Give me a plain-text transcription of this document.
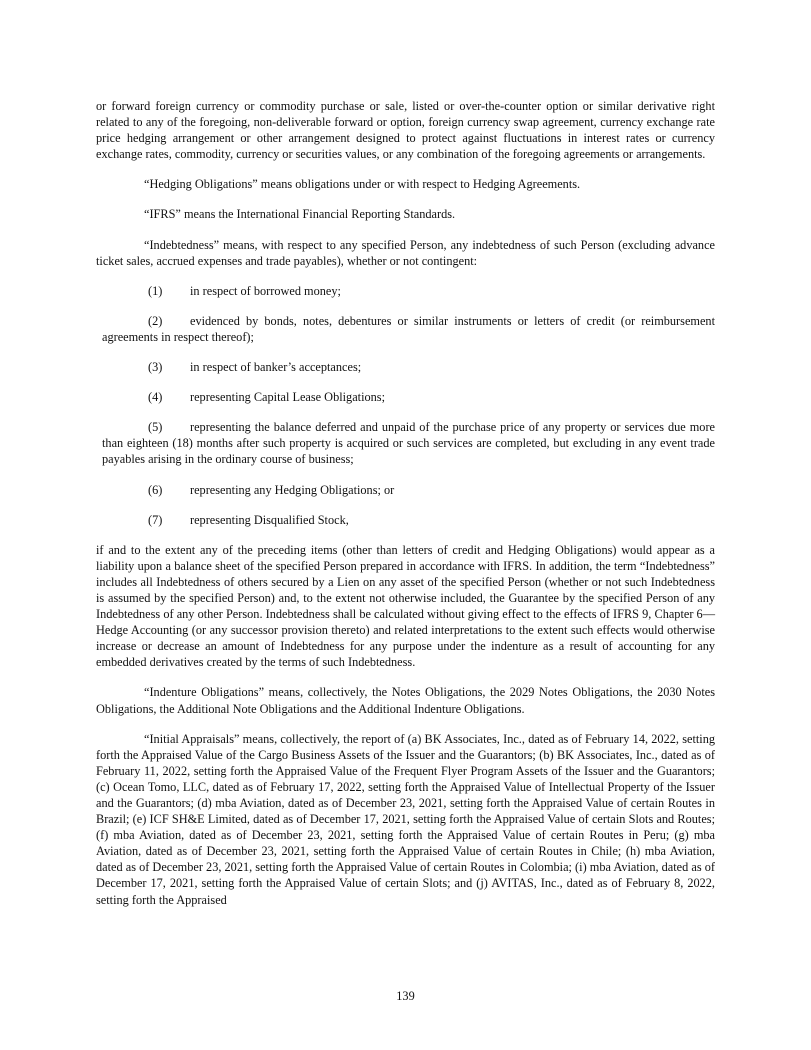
or forward foreign currency or commodity purchase or sale, listed or over-the-counter option or similar derivative right related to any of the foregoing, non-deliverable forward or option, foreign currency swap agreement, currency exchange rate price hedging arrangement or other arrangement designed to protect against fluctuations in interest rates or currency exchange rates, commodity, currency or securities values, or any combination of the foregoing agreements or arrangements.

“Hedging Obligations” means obligations under or with respect to Hedging Agreements.

“IFRS” means the International Financial Reporting Standards.

“Indebtedness” means, with respect to any specified Person, any indebtedness of such Person (excluding advance ticket sales, accrued expenses and trade payables), whether or not contingent:

(1) in respect of borrowed money;
(2) evidenced by bonds, notes, debentures or similar instruments or letters of credit (or reimbursement agreements in respect thereof);
(3) in respect of banker’s acceptances;
(4) representing Capital Lease Obligations;
(5) representing the balance deferred and unpaid of the purchase price of any property or services due more than eighteen (18) months after such property is acquired or such services are completed, but excluding in any event trade payables arising in the ordinary course of business;
(6) representing any Hedging Obligations; or
(7) representing Disqualified Stock,

if and to the extent any of the preceding items (other than letters of credit and Hedging Obligations) would appear as a liability upon a balance sheet of the specified Person prepared in accordance with IFRS. In addition, the term “Indebtedness” includes all Indebtedness of others secured by a Lien on any asset of the specified Person (whether or not such Indebtedness is assumed by the specified Person) and, to the extent not otherwise included, the Guarantee by the specified Person of any Indebtedness of any other Person. Indebtedness shall be calculated without giving effect to the effects of IFRS 9, Chapter 6—Hedge Accounting (or any successor provision thereto) and related interpretations to the extent such effects would otherwise increase or decrease an amount of Indebtedness for any purpose under the indenture as a result of accounting for any embedded derivatives created by the terms of such Indebtedness.

“Indenture Obligations” means, collectively, the Notes Obligations, the 2029 Notes Obligations, the 2030 Notes Obligations, the Additional Note Obligations and the Additional Indenture Obligations.

“Initial Appraisals” means, collectively, the report of (a) BK Associates, Inc., dated as of February 14, 2022, setting forth the Appraised Value of the Cargo Business Assets of the Issuer and the Guarantors; (b) BK Associates, Inc., dated as of February 11, 2022, setting forth the Appraised Value of the Frequent Flyer Program Assets of the Issuer and the Guarantors; (c) Ocean Tomo, LLC, dated as of February 17, 2022, setting forth the Appraised Value of Intellectual Property of the Issuer and the Guarantors; (d) mba Aviation, dated as of December 23, 2021, setting forth the Appraised Value of certain Routes in Brazil; (e) ICF SH&E Limited, dated as of December 17, 2021, setting forth the Appraised Value of certain Slots and Routes; (f) mba Aviation, dated as of December 23, 2021, setting forth the Appraised Value of certain Routes in Peru; (g) mba Aviation, dated as of December 23, 2021, setting forth the Appraised Value of certain Routes in Chile; (h) mba Aviation, dated as of December 23, 2021, setting forth the Appraised Value of certain Routes in Colombia; (i) mba Aviation, dated as of December 17, 2021, setting forth the Appraised Value of certain Slots; and (j) AVITAS, Inc., dated as of February 8, 2022, setting forth the Appraised

139
